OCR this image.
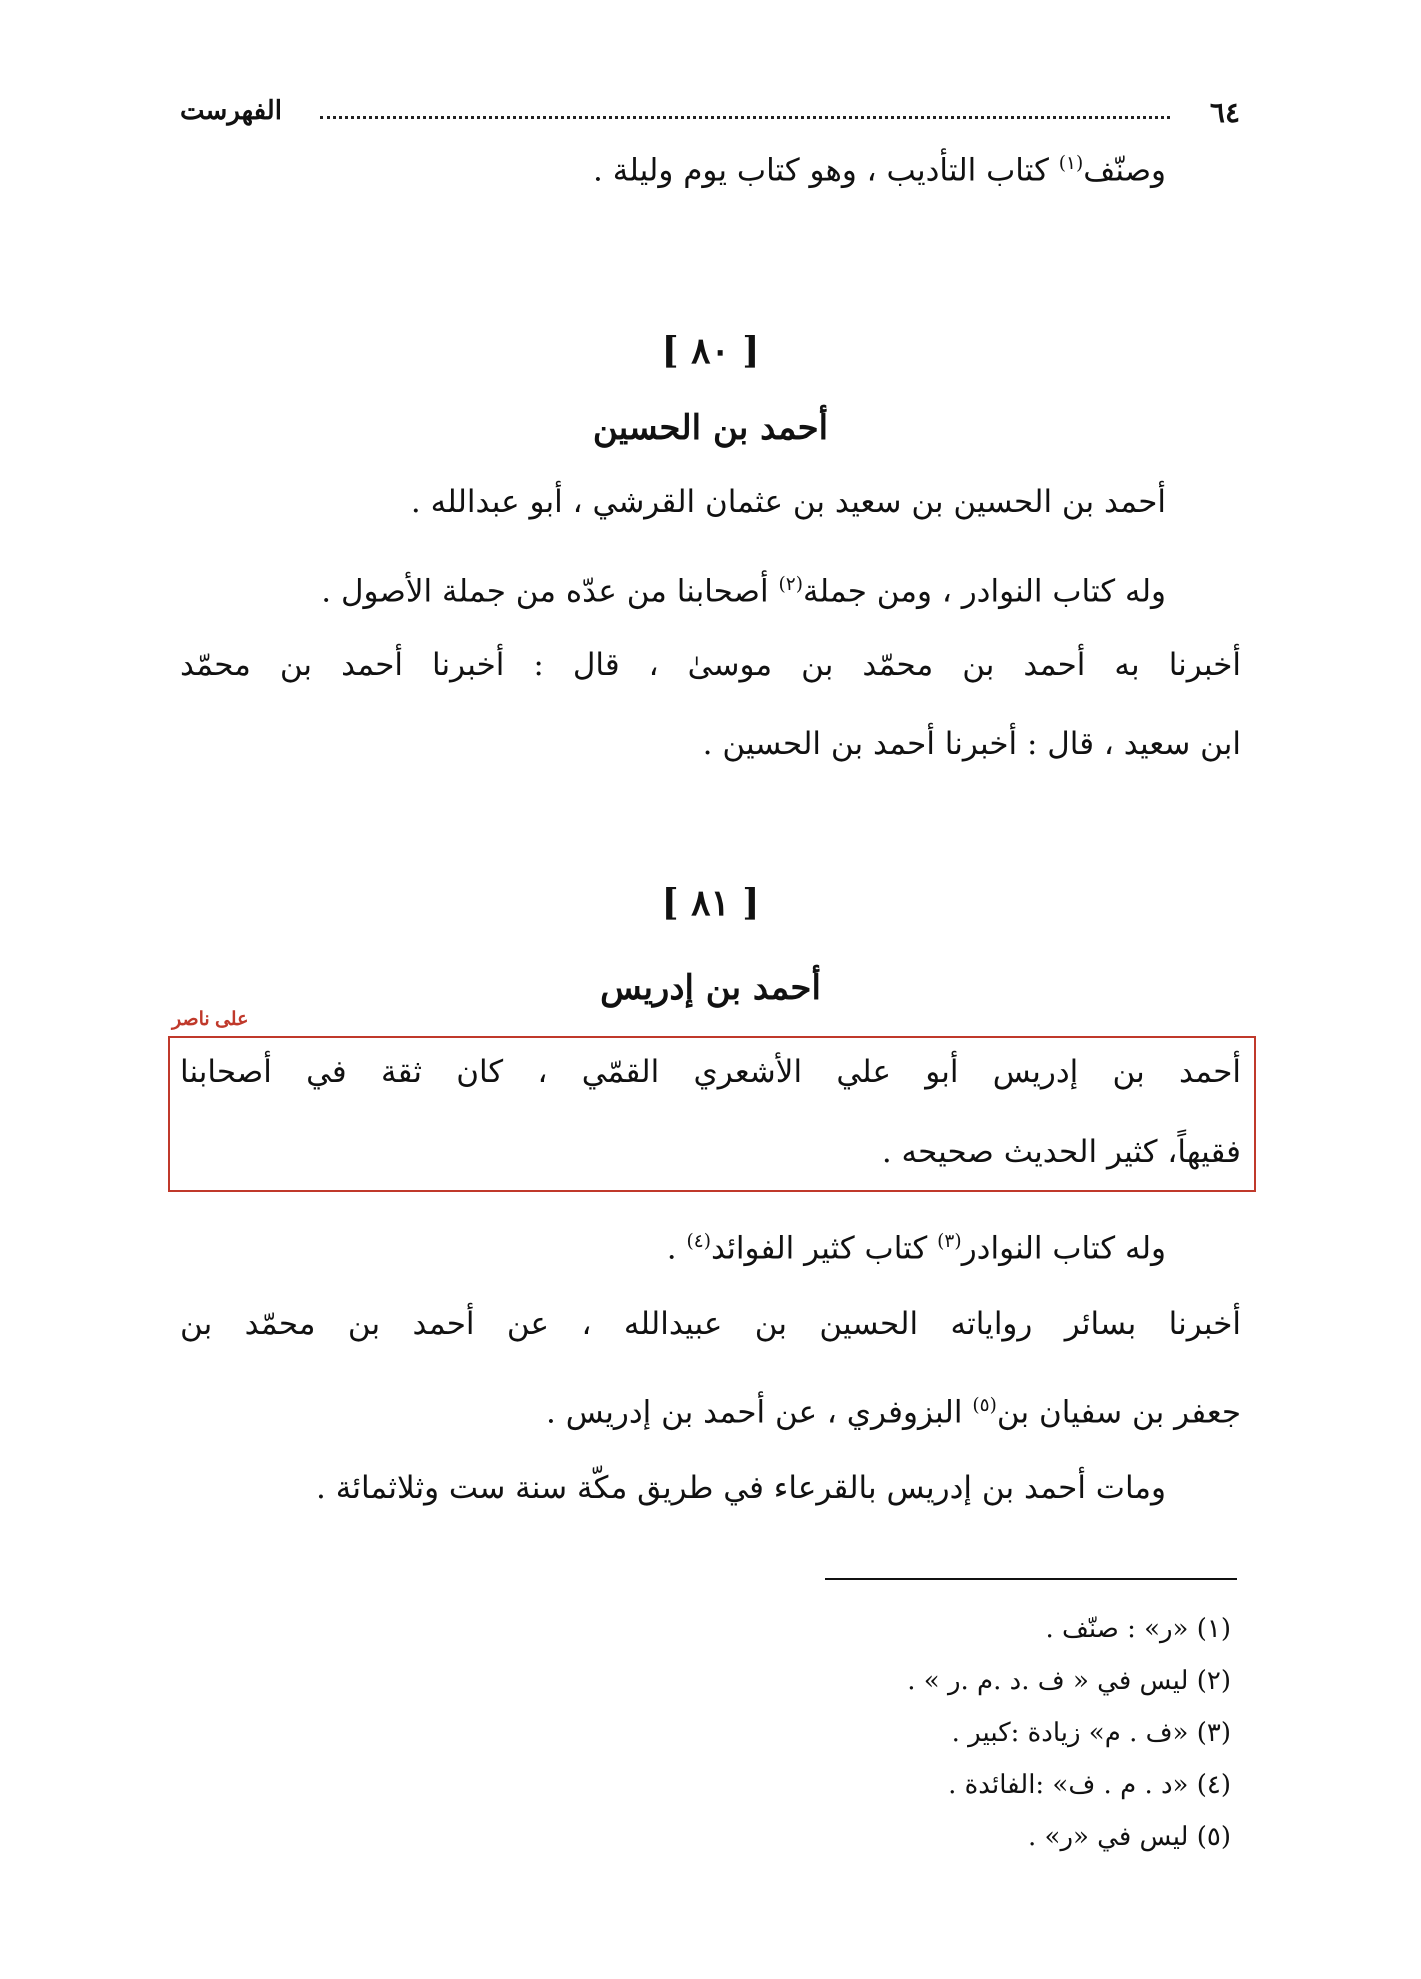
٦٤
الفهرست
وصنّف$^{(١)}$ كتاب التأديب ، وهو كتاب يوم وليلة .
[ ٨٠ ]
أحمد بن الحسين
أحمد بن الحسين بن سعيد بن عثمان القرشي ، أبو عبدالله .
وله كتاب النوادر ، ومن جملة$^{(٢)}$ أصحابنا من عدّه من جملة الأصول .
أخبرنا به أحمد بن محمّد بن موسىٰ ، قال : أخبرنا أحمد بن محمّد
ابن سعيد ، قال : أخبرنا أحمد بن الحسين .
[ ٨١ ]
أحمد بن إدريس
على ناصر
أحمد بن إدريس أبو علي الأشعري القمّي ، كان ثقة في أصحابنا
فقيهاً، كثير الحديث صحيحه .
وله كتاب النوادر$^{(٣)}$ كتاب كثير الفوائد$^{(٤)}$ .
أخبرنا بسائر رواياته الحسين بن عبيدالله ، عن أحمد بن محمّد بن
جعفر بن سفيان بن$^{(٥)}$ البزوفري ، عن أحمد بن إدريس .
ومات أحمد بن إدريس بالقرعاء في طريق مكّة سنة ست وثلاثمائة .
(١) «ر» : صنّف .
(٢) ليس في « ف .د .م .ر » .
(٣) «ف . م» زيادة :كبير .
(٤) «د . م . ف» :الفائدة .
(٥) ليس في «ر» .
